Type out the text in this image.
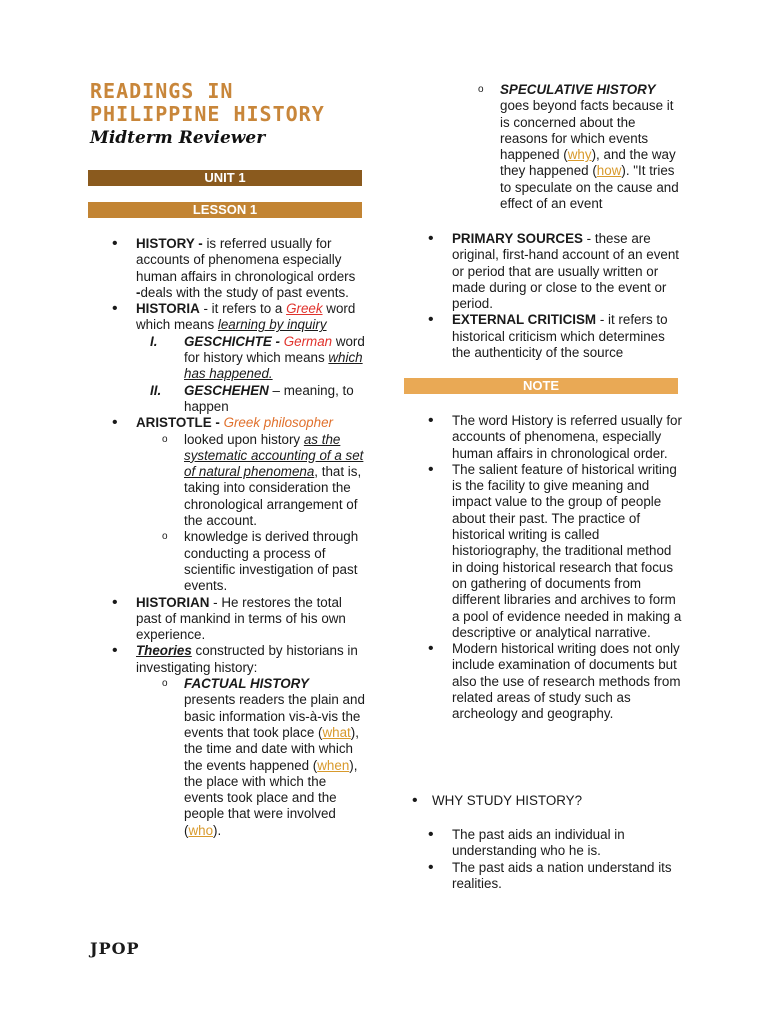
READINGS IN
PHILIPPINE HISTORY
Midterm Reviewer
UNIT 1
LESSON 1
NOTE
• HISTORY - is referred usually for accounts of phenomena especially human affairs in chronological orders
-deals with the study of past events.
• HISTORIA - it refers to a Greek word which means learning by inquiry
I. GESCHICHTE - German word for history which means which has happened.
II. GESCHEHEN – meaning, to happen
• ARISTOTLE - Greek philosopher
o looked upon history as the systematic accounting of a set of natural phenomena, that is, taking into consideration the chronological arrangement of the account.
o knowledge is derived through conducting a process of scientific investigation of past events.
• HISTORIAN - He restores the total past of mankind in terms of his own experience.
• Theories constructed by historians in investigating history:
o FACTUAL HISTORY
presents readers the plain and basic information vis-à-vis the events that took place (what), the time and date with which the events happened (when), the place with which the events took place and the people that were involved (who).
o SPECULATIVE HISTORY
goes beyond facts because it is concerned about the reasons for which events happened (why), and the way they happened (how). "It tries to speculate on the cause and effect of an event
• PRIMARY SOURCES - these are original, first-hand account of an event or period that are usually written or made during or close to the event or period.
• EXTERNAL CRITICISM - it refers to historical criticism which determines the authenticity of the source
• The word History is referred usually for accounts of phenomena, especially human affairs in chronological order.
• The salient feature of historical writing is the facility to give meaning and impact value to the group of people about their past. The practice of historical writing is called historiography, the traditional method in doing historical research that focus on gathering of documents from different libraries and archives to form a pool of evidence needed in making a descriptive or analytical narrative.
• Modern historical writing does not only include examination of documents but also the use of research methods from related areas of study such as archeology and geography.
• WHY STUDY HISTORY?
• The past aids an individual in understanding who he is.
• The past aids a nation understand its realities.
JPOP
